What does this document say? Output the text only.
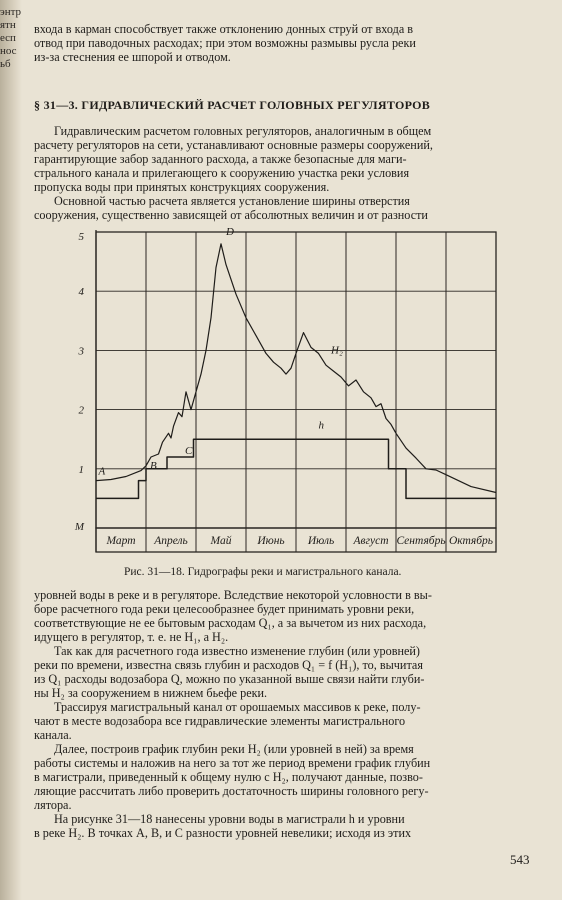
энтр
ятн
есп
нос
ьб

входа в карман способствует также отклонению донных струй от входа в
отвод при паводочных расходах; при этом возможны размывы русла реки
из-за стеснения ее шпорой и отводом.

§ 31—3. ГИДРАВЛИЧЕСКИЙ РАСЧЕТ ГОЛОВНЫХ РЕГУЛЯТОРОВ

Гидравлическим расчетом головных регуляторов, аналогичным в общем
расчету регуляторов на сети, устанавливают основные размеры сооружений,
гарантирующие забор заданного расхода, а также безопасные для маги-
стрального канала и прилегающего к сооружению участка реки условия
пропуска воды при принятых конструкциях сооружения.
Основной частью расчета является установление ширины отверстия
сооружения, существенно зависящей от абсолютных величин и от разности

Март Апрель Май Июнь Июль Август Сентябрь Октябрь
1
2
3
4
5
M
A	B
C
D
H₂
h
Рис. 31—18. Гидрографы реки и магистрального канала.

уровней воды в реке и в регуляторе. Вследствие некоторой условности в вы-
боре расчетного года реки целесообразнее будет принимать уровни реки,
соответствующие не ее бытовым расходам Q₁, а за вычетом из них расхода,
идущего в регулятор, т. е. не H₁, а H₂.
Так как для расчетного года известно изменение глубин (или уровней)
реки по времени, известна связь глубин и расходов Q₁ = f (H₁), то, вычитая
из Q₁ расходы водозабора Q, можно по указанной выше связи найти глуби-
ны H₂ за сооружением в нижнем бьефе реки.
Трассируя магистральный канал от орошаемых массивов к реке, полу-
чают в месте водозабора все гидравлические элементы магистрального
канала.
Далее, построив график глубин реки H₂ (или уровней в ней) за время
работы системы и наложив на него за тот же период времени график глубин
в магистрали, приведенный к общему нулю с H₂, получают данные, позво-
ляющие рассчитать либо проверить достаточность ширины головного регу-
лятора.
На рисунке 31—18 нанесены уровни воды в магистрали h и уровни
в реке H₂. В точках A, B, и C разности уровней невелики; исходя из этих

543
